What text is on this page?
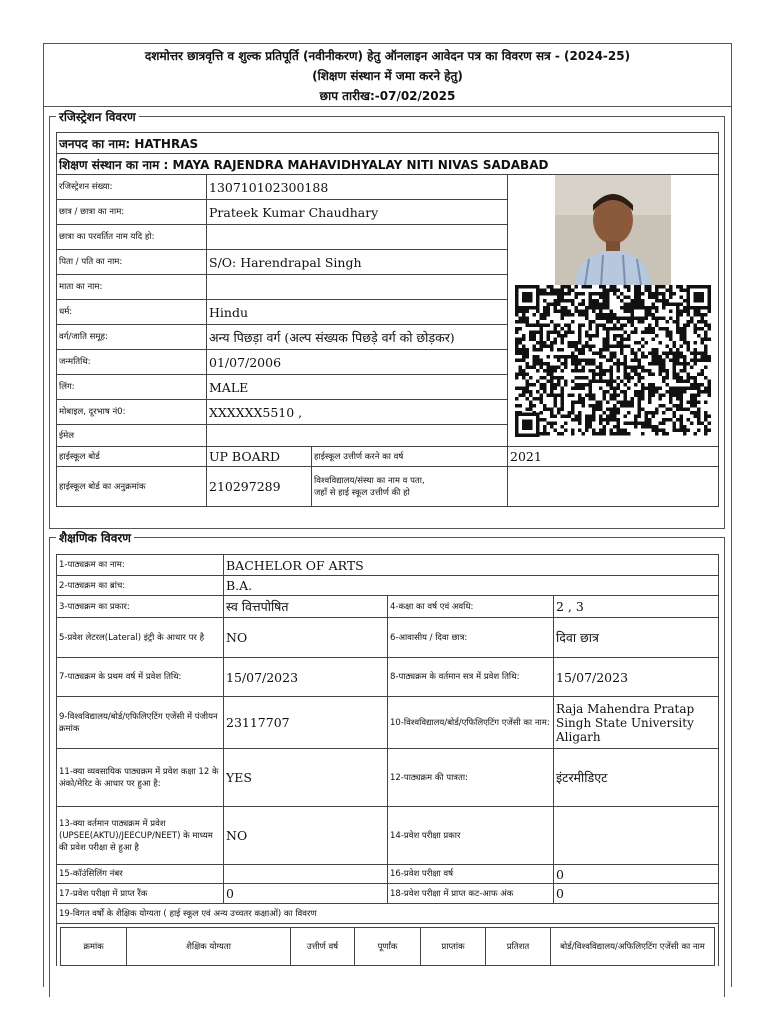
दशमोत्तर छात्रवृत्ति व शुल्क प्रतिपूर्ति (नवीनीकरण) हेतु ऑनलाइन आवेदन पत्र का विवरण सत्र - (2024-25)
(शिक्षण संस्थान में जमा करने हेतु)
छाप तारीख:-07/02/2025
रजिस्ट्रेशन विवरण
जनपद का नाम: HATHRAS			
शिक्षण संस्थान का नाम : MAYA RAJENDRA MAHAVIDHYALAY NITI NIVAS SADABAD			
रजिस्ट्रेशन संख्या:	130710102300188	

छात्र / छात्रा का नाम:	Prateek Kumar Chaudhary		
छात्रा का परवर्तित नाम यदि हो:			
पिता / पति का नाम:	S/O: Harendrapal Singh		
माता का नाम:			
धर्म:	Hindu		
वर्ग/जाति समूह:	अन्य पिछड़ा वर्ग (अल्प संख्यक पिछड़े वर्ग को छोड़कर)		
जन्मतिथि:	01/07/2006		
लिंग:	MALE		
मोबाइल, दूरभाष नं0:	XXXXXX5510 ,		
ईमेल			
हाईस्कूल बोर्ड	UP BOARD	हाईस्कूल उत्तीर्ण करने का वर्ष	2021
हाईस्कूल बोर्ड का अनुक्रमांक	210297289	विश्वविद्यालय/संस्था का नाम व पता,
जहाँ से हाई स्कूल उत्तीर्ण की हो	

शैक्षणिक विवरण
1-पाठ्यक्रम का नाम:	BACHELOR OF ARTS
2-पाठ्यक्रम का ब्रांच:	B.A.
3-पाठ्यक्रम का प्रकार:	स्व वित्तपोषित	4-कक्षा का वर्ष एवं अवधि:	2 , 3
5-प्रवेश लेटरल(Lateral) इंट्री के आधार पर है	NO	6-आवासीय / दिवा छात्र:	दिवा छात्र
7-पाठ्यक्रम के प्रथम वर्ष में प्रवेश तिथि:	15/07/2023	8-पाठ्यक्रम के वर्तमान सत्र में प्रवेश तिथि:	15/07/2023
9-विश्वविद्यालय/बोर्ड/एफिलिएटिंग एजेंसी में पंजीयन क्रमांक	23117707	10-विश्वविद्यालय/बोर्ड/एफिलिएटिंग एजेंसी का नाम:	Raja Mahendra Pratap Singh State University Aligarh
11-क्या व्यवसायिक पाठ्यक्रम में प्रवेश कक्षा 12 के अंको/मेरिट के आधार पर हुआ है:	YES	12-पाठ्यक्रम की पात्रता:	इंटरमीडिएट
13-क्या वर्तमान पाठ्यक्रम में प्रवेश (UPSEE(AKTU)/JEECUP/NEET) के माध्यम की प्रवेश परीक्षा से हुआ है	NO	14-प्रवेश परीक्षा प्रकार	
15-कॉउंसिलिंग नंबर		16-प्रवेश परीक्षा वर्ष	0
17-प्रवेश परीक्षा में प्राप्त रैंक	0	18-प्रवेश परीक्षा में प्राप्त कट-आफ अंक	0
19-विगत वर्षों के शैक्षिक योग्यता ( हाई स्कूल एवं अन्य उच्चतर कक्षाओं) का विवरण

क्रमांक	शैक्षिक योग्यता	उत्तीर्ण वर्ष	पूर्णांक	प्राप्तांक	प्रतिशत	बोर्ड/विश्वविद्यालय/अफिलिएटिंग एजेंसी का नाम
